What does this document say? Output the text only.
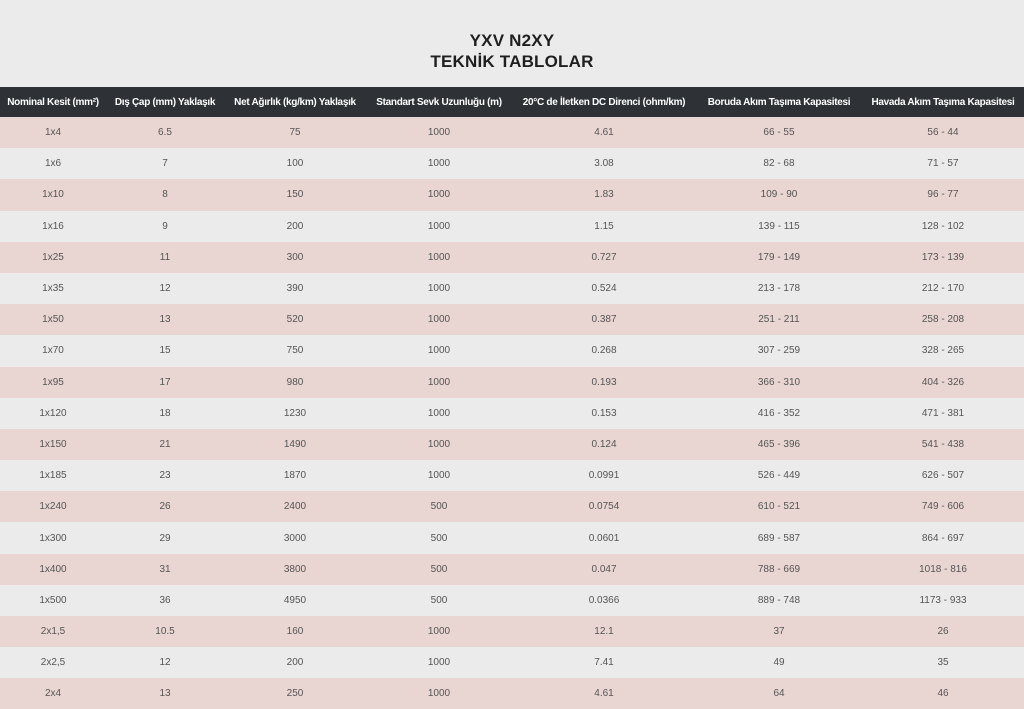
YXV N2XY
TEKNİK TABLOLAR
Nominal Kesit (mm²)	Dış Çap (mm) Yaklaşık	Net Ağırlık (kg/km) Yaklaşık	Standart Sevk Uzunluğu (m)	20°C de İletken DC Direnci (ohm/km)	Boruda Akım Taşıma Kapasitesi	Havada Akım Taşıma Kapasitesi
1x4	6.5	75	1000	4.61	66 - 55	56 - 44
1x6	7	100	1000	3.08	82 - 68	71 - 57
1x10	8	150	1000	1.83	109 - 90	96 - 77
1x16	9	200	1000	1.15	139 - 115	128 - 102
1x25	11	300	1000	0.727	179 - 149	173 - 139
1x35	12	390	1000	0.524	213 - 178	212 - 170
1x50	13	520	1000	0.387	251 - 211	258 - 208
1x70	15	750	1000	0.268	307 - 259	328 - 265
1x95	17	980	1000	0.193	366 - 310	404 - 326
1x120	18	1230	1000	0.153	416 - 352	471 - 381
1x150	21	1490	1000	0.124	465 - 396	541 - 438
1x185	23	1870	1000	0.0991	526 - 449	626 - 507
1x240	26	2400	500	0.0754	610 - 521	749 - 606
1x300	29	3000	500	0.0601	689 - 587	864 - 697
1x400	31	3800	500	0.047	788 - 669	1018 - 816
1x500	36	4950	500	0.0366	889 - 748	1173 - 933
2x1,5	10.5	160	1000	12.1	37	26
2x2,5	12	200	1000	7.41	49	35
2x4	13	250	1000	4.61	64	46
